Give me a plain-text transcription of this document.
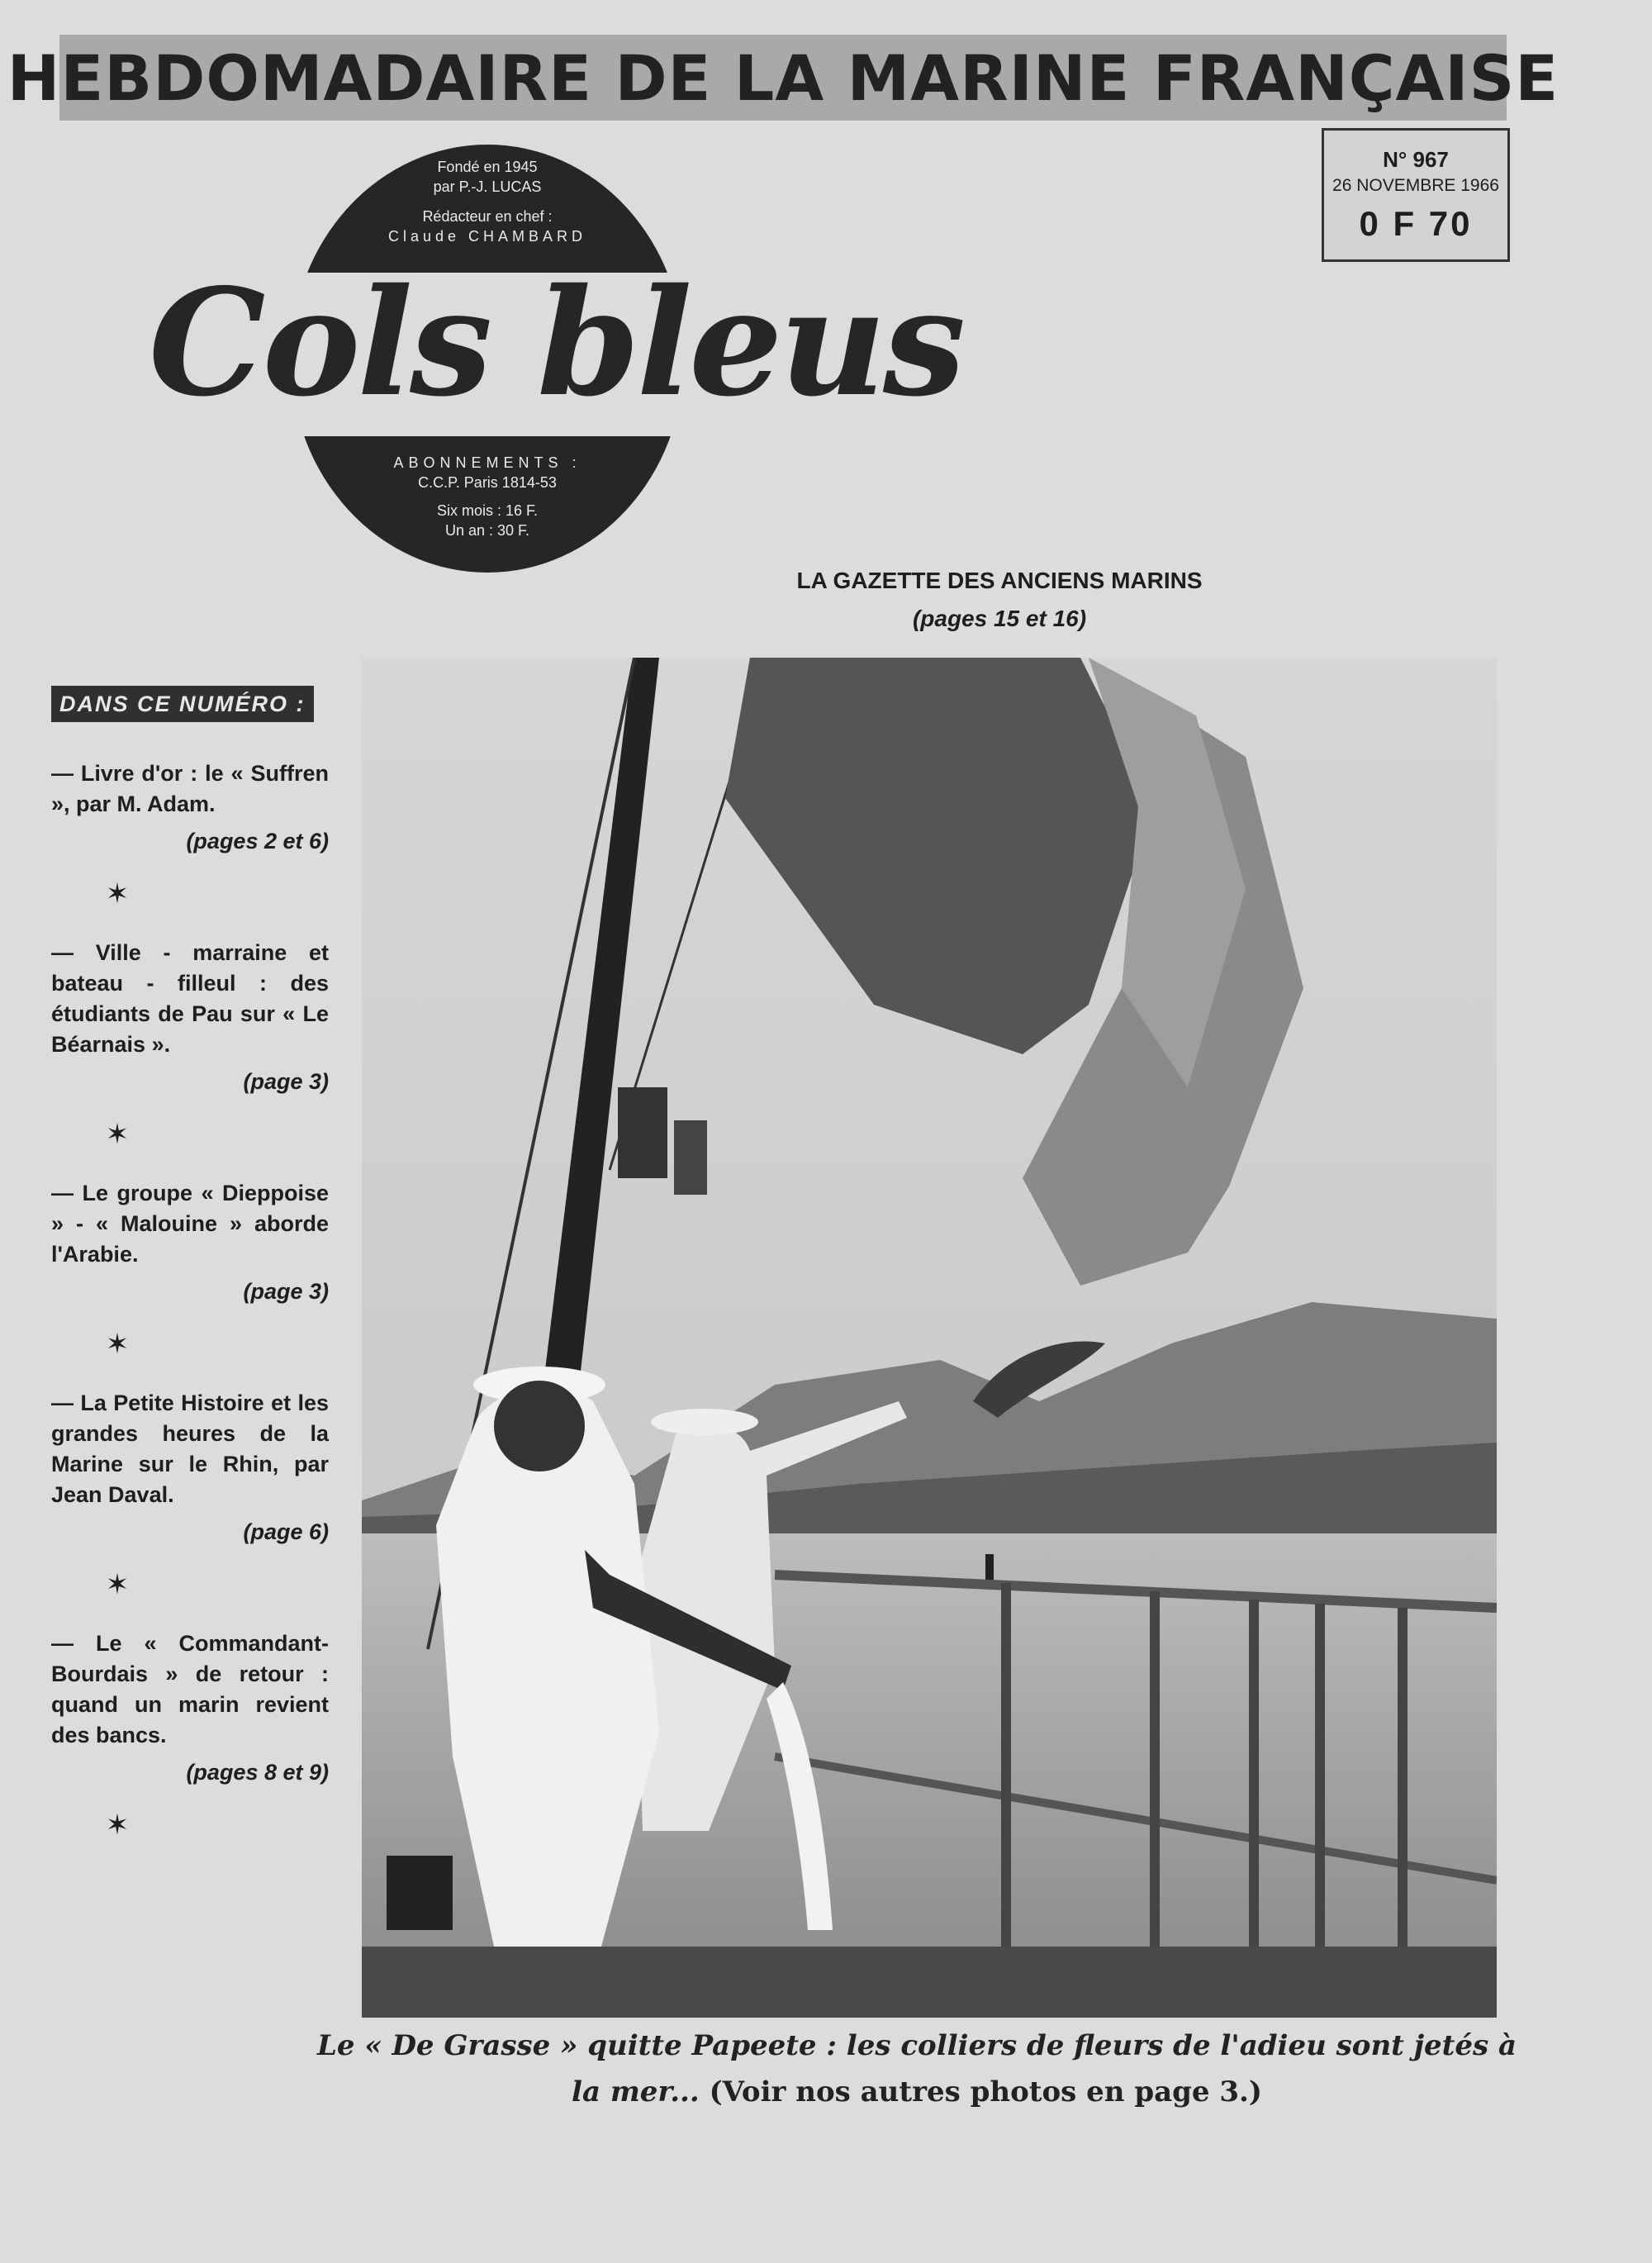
HEBDOMADAIRE DE LA MARINE FRANÇAISE
N° 967
26 NOVEMBRE 1966
0 F 70
Fondé en 1945
par P.-J. LUCAS
Rédacteur en chef :
Claude CHAMBARD
Cols bleus
ABONNEMENTS :
C.C.P. Paris 1814-53
Six mois : 16 F.
Un an : 30 F.
LA GAZETTE DES ANCIENS MARINS
(pages 15 et 16)
DANS CE NUMÉRO :
— Livre d'or : le « Suffren », par M. Adam.
(pages 2 et 6)
✶
— Ville - marraine et bateau - filleul : des étudiants de Pau sur « Le Béarnais ».
(page 3)
✶
— Le groupe « Dieppoise » - « Malouine » aborde l'Arabie.
(page 3)
✶
— La Petite Histoire et les grandes heures de la Marine sur le Rhin, par Jean Daval.
(page 6)
✶
— Le « Commandant-Bourdais » de retour : quand un marin revient des bancs.
(pages 8 et 9)
✶
Le « De Grasse » quitte Papeete : les colliers de fleurs de l'adieu sont jetés à la mer... (Voir nos autres photos en page 3.)
